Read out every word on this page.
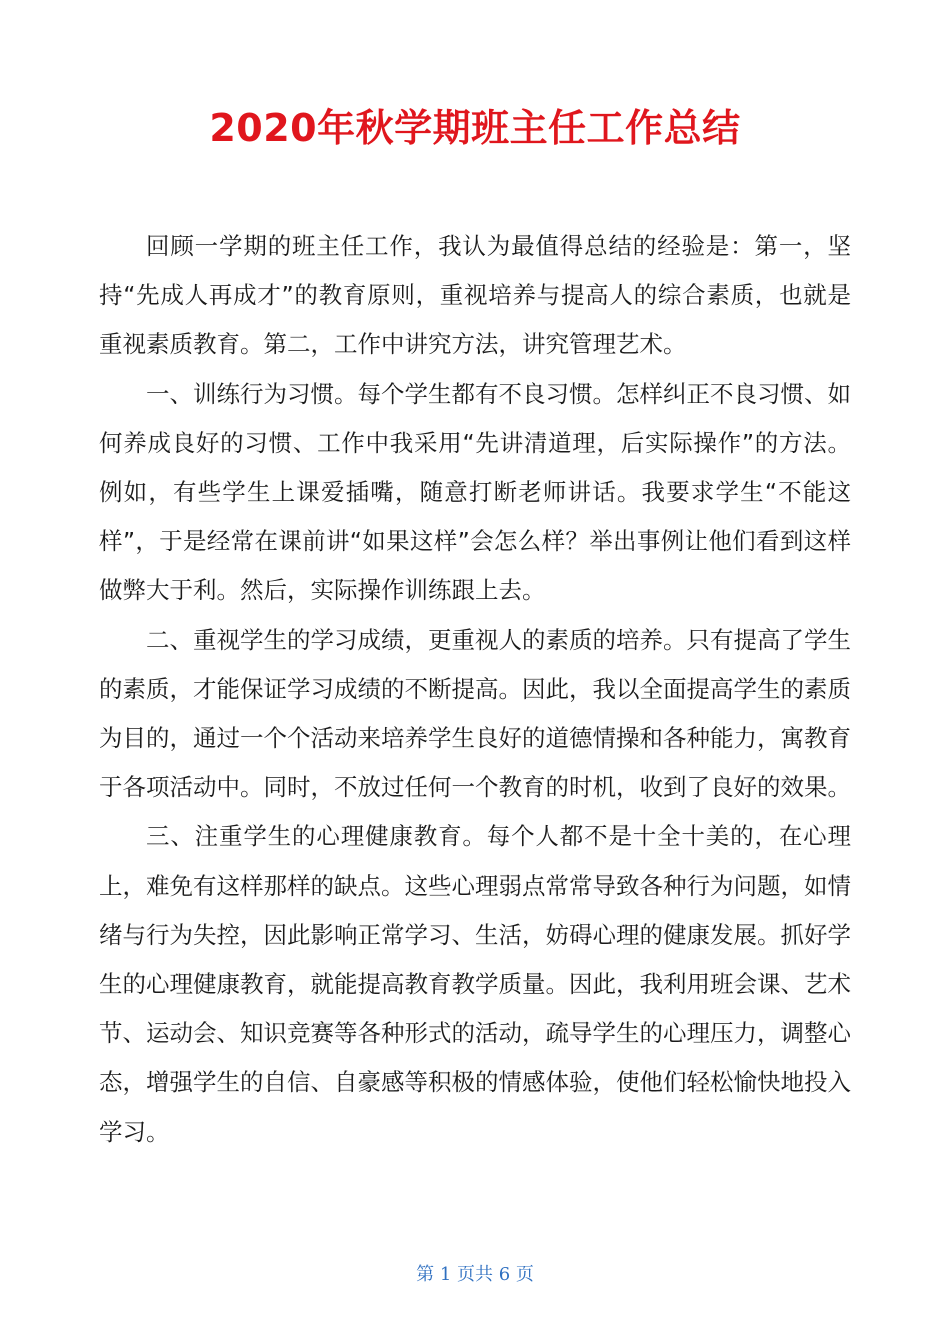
2020年秋学期班主任工作总结

回顾一学期的班主任工作，我认为最值得总结的经验是：第一，坚持“先成人再成才”的教育原则，重视培养与提高人的综合素质，也就是重视素质教育。第二，工作中讲究方法，讲究管理艺术。

一、训练行为习惯。每个学生都有不良习惯。怎样纠正不良习惯、如何养成良好的习惯、工作中我采用“先讲清道理，后实际操作”的方法。例如，有些学生上课爱插嘴，随意打断老师讲话。我要求学生“不能这样”，于是经常在课前讲“如果这样”会怎么样？举出事例让他们看到这样做弊大于利。然后，实际操作训练跟上去。

二、重视学生的学习成绩，更重视人的素质的培养。只有提高了学生的素质，才能保证学习成绩的不断提高。因此，我以全面提高学生的素质为目的，通过一个个活动来培养学生良好的道德情操和各种能力，寓教育于各项活动中。同时，不放过任何一个教育的时机，收到了良好的效果。

三、注重学生的心理健康教育。每个人都不是十全十美的，在心理上，难免有这样那样的缺点。这些心理弱点常常导致各种行为问题，如情绪与行为失控，因此影响正常学习、生活，妨碍心理的健康发展。抓好学生的心理健康教育，就能提高教育教学质量。因此，我利用班会课、艺术节、运动会、知识竞赛等各种形式的活动，疏导学生的心理压力，调整心态，增强学生的自信、自豪感等积极的情感体验，使他们轻松愉快地投入学习。

第 1 页共 6 页
